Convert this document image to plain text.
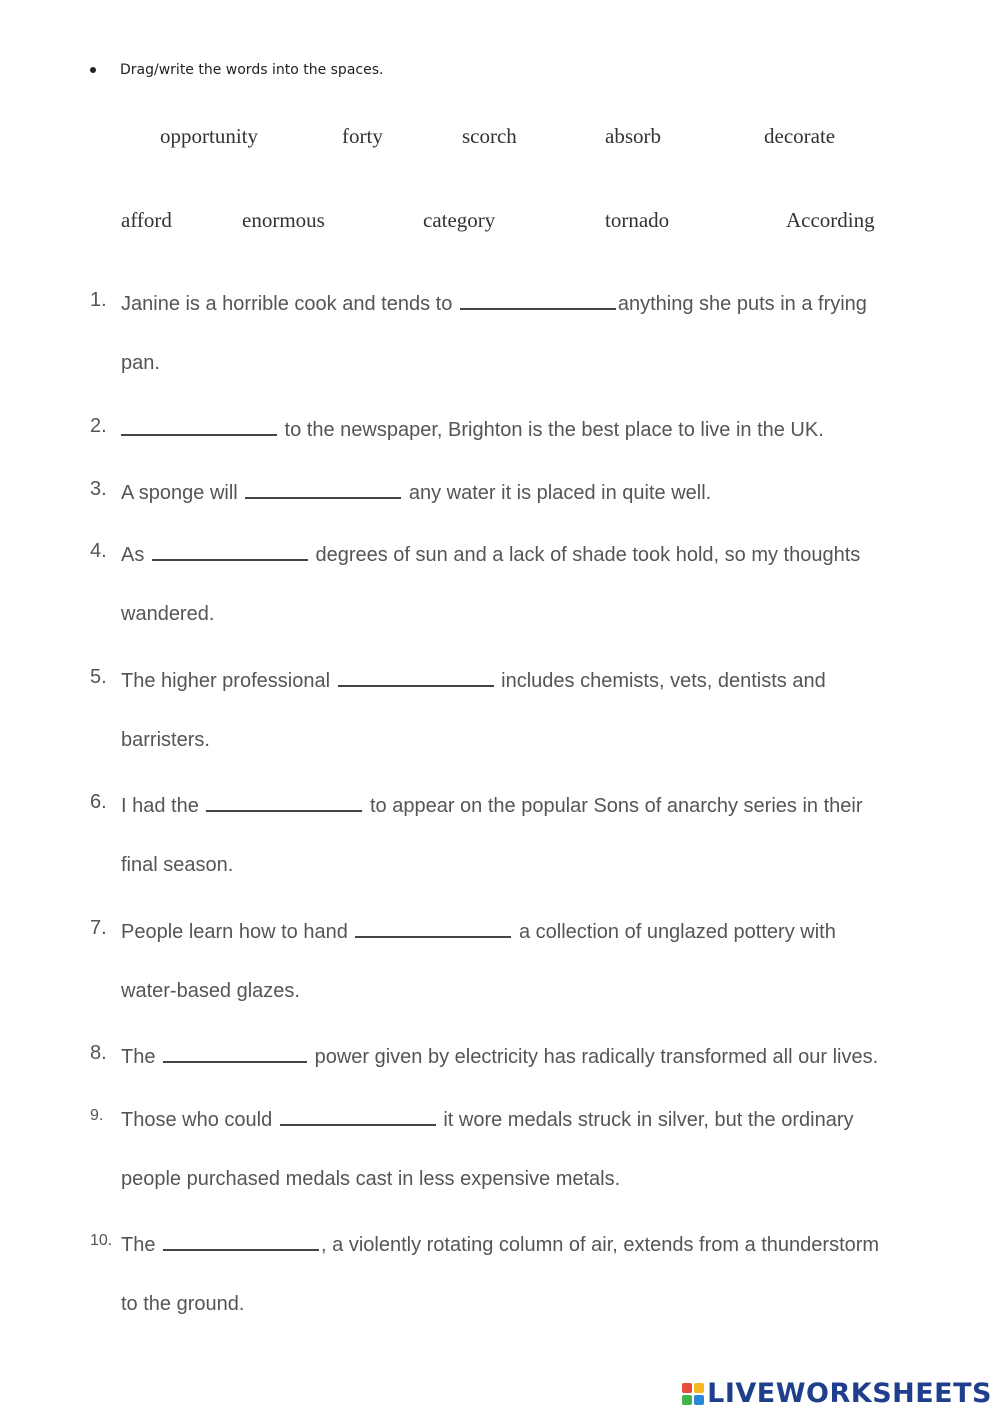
Drag/write the words into the spaces.
opportunity	forty	scorch	absorb	decorate
afford	enormous	category	tornado	According
1. Janine is a horrible cook and tends to	anything she puts in a frying
pan.
2.	to the newspaper, Brighton is the best place to live in the UK.
3. A sponge will	any water it is placed in quite well.
4. As	degrees of sun and a lack of shade took hold, so my thoughts
wandered.
5. The higher professional	includes chemists, vets, dentists and
barristers.
6. I had the	to appear on the popular Sons of anarchy series in their
final season.
7. People learn how to hand	a collection of unglazed pottery with
water-based glazes.
8. The	power given by electricity has radically transformed all our lives.
9. Those who could	it wore medals struck in silver, but the ordinary
people purchased medals cast in less expensive metals.
10. The	, a violently rotating column of air, extends from a thunderstorm
to the ground.
LIVEWORKSHEETS
